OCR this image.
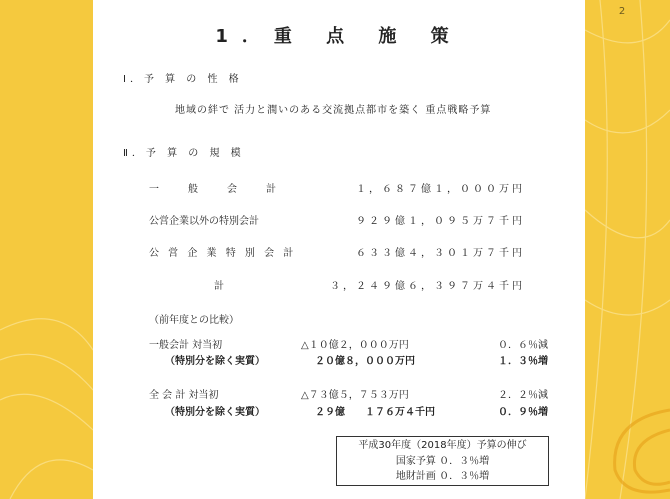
2
1．重 点 施 策
Ⅰ．予 算 の 性 格
地域の絆で 活力と潤いのある交流拠点都市を築く 重点戦略予算
Ⅱ．予 算 の 規 模
一　　般　　会　　計	１，６８７億１，０００万円
公営企業以外の特別会計	９２９億１，０９５万７千円
公 営 企 業 特 別 会 計	６３３億４，３０１万７千円
計	３，２４９億６，３９７万４千円
（前年度との比較）
一般会計 対当初	△１０億２，０００万円	０．６％減
（特別分を除く実質）	２０億８，０００万円	１．３％増
全 会 計 対当初	△７３億５，７５３万円	２．２％減
（特別分を除く実質）	２９億　　１７６万４千円	０．９％増
平成30年度（2018年度）予算の伸び
国家予算 ０．３％増
地財計画 ０．３％増
